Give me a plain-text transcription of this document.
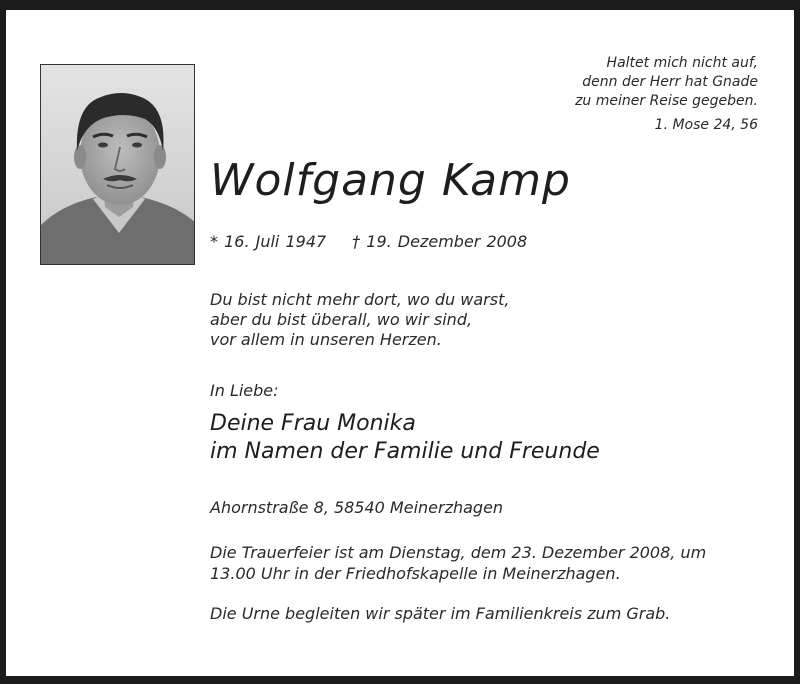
Haltet mich nicht auf,
denn der Herr hat Gnade
zu meiner Reise gegeben.
1. Mose 24, 56
Wolfgang Kamp
* 16. Juli 1947 † 19. Dezember 2008
Du bist nicht mehr dort, wo du warst,
aber du bist überall, wo wir sind,
vor allem in unseren Herzen.
In Liebe:
Deine Frau Monika
im Namen der Familie und Freunde
Ahornstraße 8, 58540 Meinerzhagen
Die Trauerfeier ist am Dienstag, dem 23. Dezember 2008, um
13.00 Uhr in der Friedhofskapelle in Meinerzhagen.
Die Urne begleiten wir später im Familienkreis zum Grab.
